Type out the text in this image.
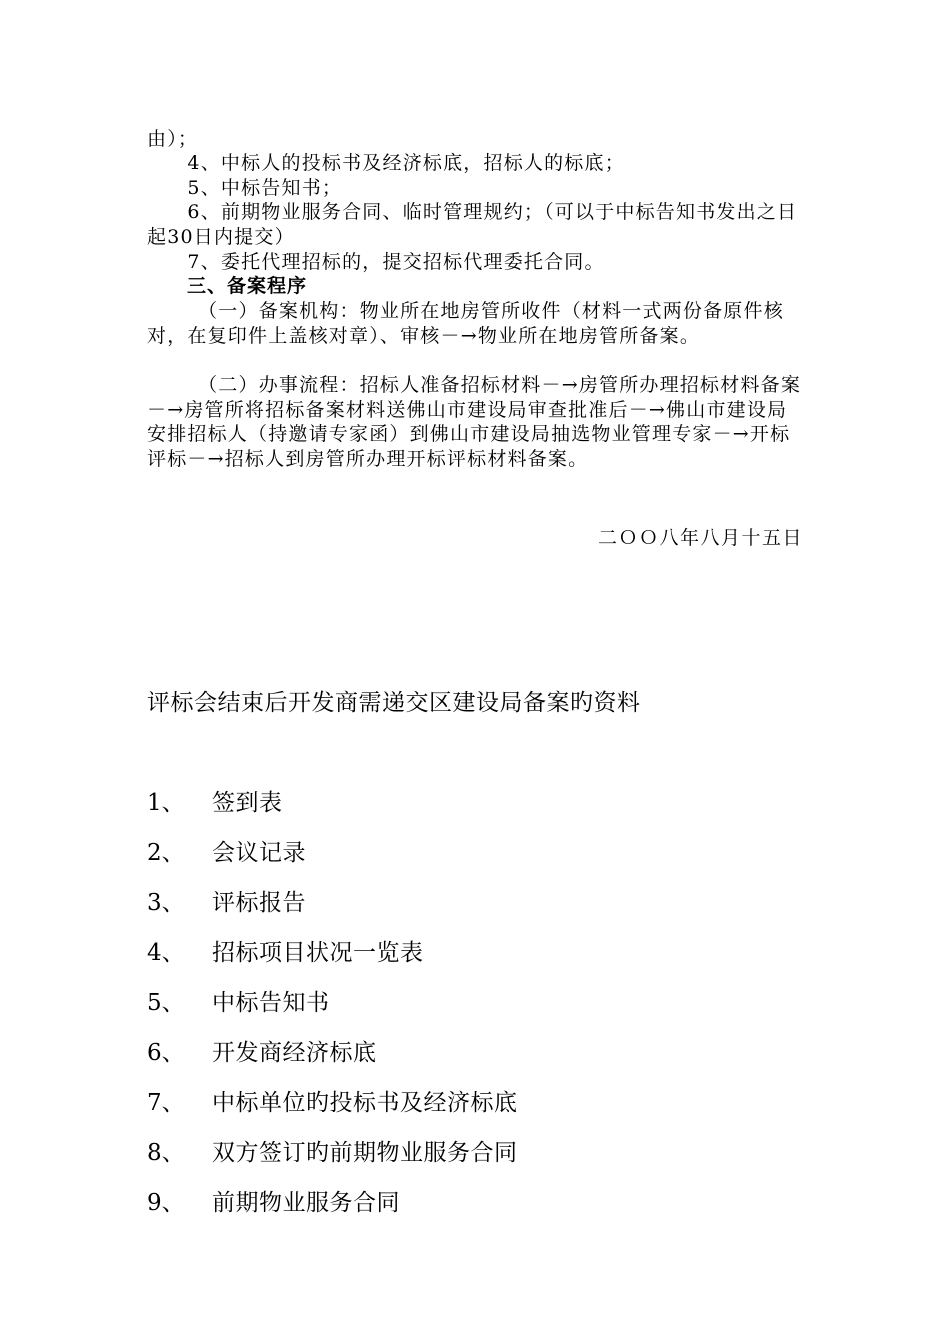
由）；

　　4、中标人的投标书及经济标底，招标人的标底；

　　5、中标告知书；

　　6、前期物业服务合同、临时管理规约；（可以于中标告知书发出之日起30日内提交）

　　7、委托代理招标的，提交招标代理委托合同。

　　三、备案程序

　　　（一）备案机构：物业所在地房管所收件（材料一式两份备原件核对，在复印件上盖核对章）、审核－→物业所在地房管所备案。

　　　（二）办事流程：招标人准备招标材料－→房管所办理招标材料备案－→房管所将招标备案材料送佛山市建设局审查批准后－→佛山市建设局安排招标人（持邀请专家函）到佛山市建设局抽选物业管理专家－→开标评标－→招标人到房管所办理开标评标材料备案。

二ＯＯ八年八月十五日
评标会结束后开发商需递交区建设局备案旳资料
1、	签到表
2、	会议记录
3、	评标报告
4、	招标项目状况一览表
5、	中标告知书
6、	开发商经济标底
7、	中标单位旳投标书及经济标底
8、	双方签订旳前期物业服务合同
9、	前期物业服务合同
